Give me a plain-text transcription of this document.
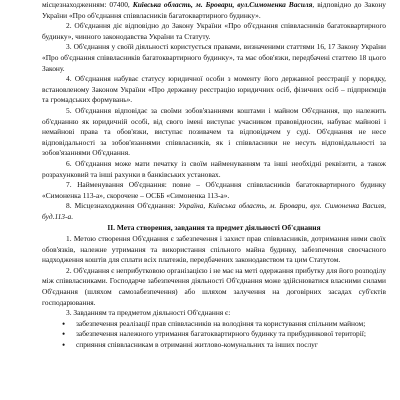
місцезнаходженням: 07400, Київська область, м. Бровари, вул.Симоненка Василя, відповідно до Закону України «Про об'єднання співвласників багатоквартирного будинку».

2. Об'єднання діє відповідно до Закону України «Про об'єднання співвласників багатоквартирного будинку», чинного законодавства України та Статуту.

3. Об'єднання у своїй діяльності користується правами, визначеними статтями 16, 17 Закону України «Про об'єднання співвласників багатоквартирного будинку», та має обов'язки, передбачені статтею 18 цього Закону.

4. Об'єднання набуває статусу юридичної особи з моменту його державної реєстрації у порядку, встановленому Законом України «Про державну реєстрацію юридичних осіб, фізичних осіб – підприємців та громадських формувань».

5. Об'єднання відповідає за своїми зобов'язаннями коштами і майном Об'єднання, що належить об'єднанню як юридичній особі, від свого імені виступає учасником правовідносин, набуває майнові і немайнові права та обов'язки, виступає позивачем та відповідачем у суді. Об'єднання не несе відповідальності за зобов'язаннями співвласників, як і співвласники не несуть відповідальності за зобов'язаннями Об'єднання.

6. Об'єднання може мати печатку із своїм найменуванням та інші необхідні реквізити, а також розрахунковий та інші рахунки в банківських установах.

7. Найменування Об'єднання: повне – Об'єднання співвласників багатоквартирного будинку «Симоненка 113-а», скорочене – ОСББ «Симоненка 113-а».

8. Місцезнаходження Об'єднання: Україна, Київська область, м. Бровари, вул. Симоненка Василя, буд.113-а.

II. Мета створення, завдання та предмет діяльності Об'єднання

1. Метою створення Об'єднання є забезпечення і захист прав співвласників, дотримання ними своїх обов'язків, належне утримання та використання спільного майна будинку, забезпечення своєчасного надходження коштів для сплати всіх платежів, передбачених законодавством та цим Статутом.

2. Об'єднання є неприбутковою організацією і не має на меті одержання прибутку для його розподілу між співвласниками. Господарче забезпечення діяльності Об'єднання може здійснюватися власними силами Об'єднання (шляхом самозабезпечення) або шляхом залучення на договірних засадах суб'єктів господарювання.

3. Завданням та предметом діяльності Об'єднання є:

• забезпечення реалізації прав співвласників на володіння та користування спільним майном;
• забезпечення належного утримання багатоквартирного будинку та прибудинкової території;
• сприяння співвласникам в отриманні житлово-комунальних та інших послуг
